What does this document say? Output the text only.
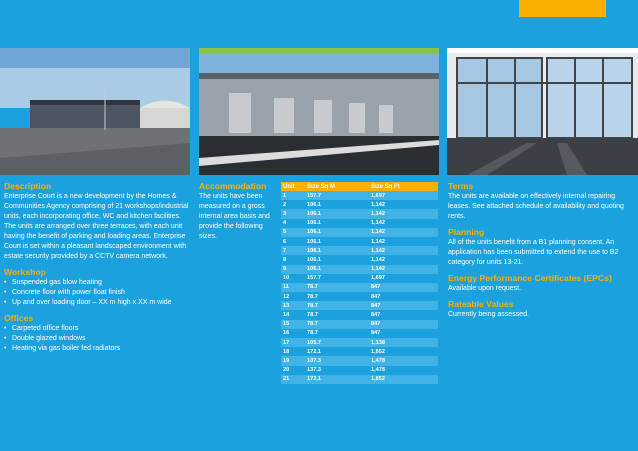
Description

Enterprise Court is a new development by the Homes & Communities Agency comprising of 21 workshops/industrial units, each incorporating office, WC and kitchen facilities. The units are arranged over three terraces, with each unit having the benefit of parking and loading areas. Enterprise Court is set within a pleasant landscaped environment with estate security provided by a CCTV camera network.

Workshop
• Suspended gas blow heating
• Concrete floor with power float finish
• Up and over loading door – XX m high x XX m wide
Offices
• Carpeted office floors
• Double glazed windows
• Heating via gas boiler fed radiators
Accommodation

The units have been measured on a gross internal area basis and provide the following sizes.

Unit	Size Sq M	Size Sq Ft
1	157.7	1,697
2	106.1	1,142
3	106.1	1,142
4	106.1	1,142
5	106.1	1,142
6	106.1	1,142
7	106.1	1,142
8	106.1	1,142
9	106.1	1,142
10	157.7	1,697
11	78.7	847
12	78.7	847
13	78.7	847
14	78.7	847
15	78.7	847
16	78.7	847
17	105.7	1,138
18	172.1	1,852
19	137.3	1,478
20	137.3	1,478
21	172.1	1,852
Terms

The units are available on effectively internal repairing leases. See attached schedule of availability and quoting rents.

Planning

All of the units benefit from a B1 planning consent. An application has been submitted to extend the use to B2 category for units 13-21.

Energy Performance Certificates (EPCs)

Available upon request.

Rateable Values

Currently being assessed.
